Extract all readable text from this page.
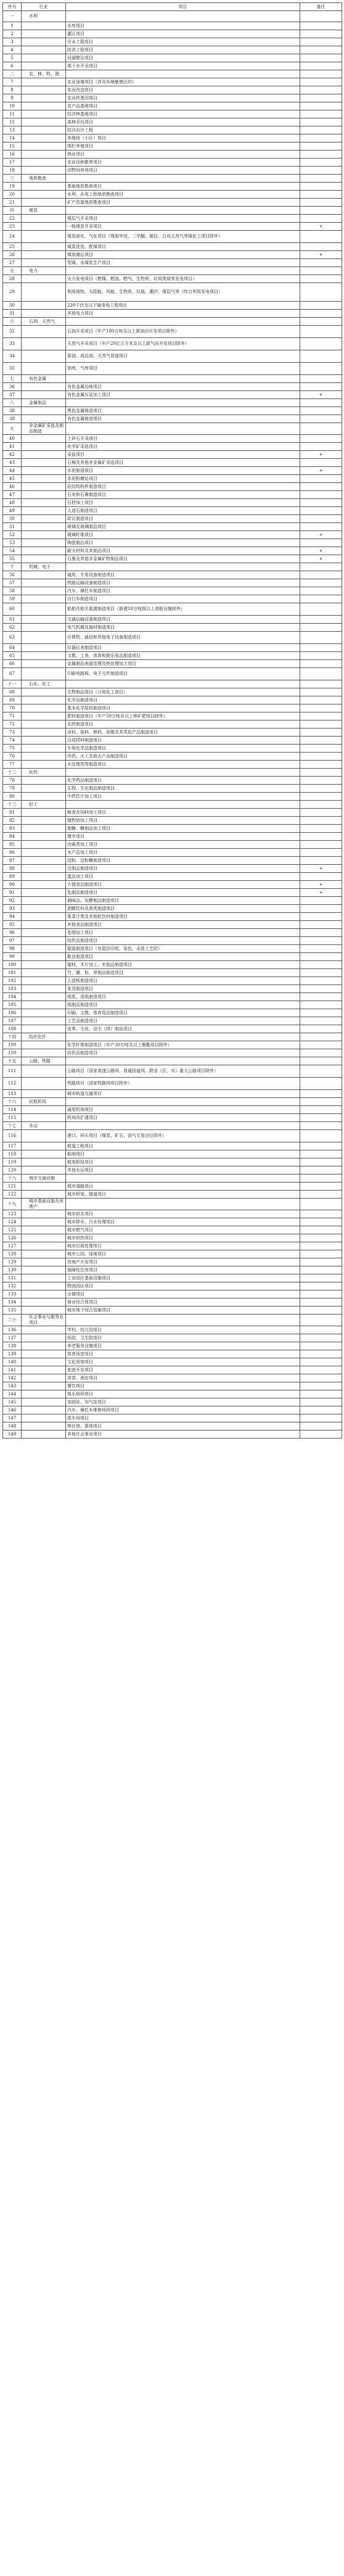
序号	行业	项目	备注
一	水利		
1		水库项目	
2		灌区项目	
3		引水工程项目	
4		防洪工程项目	
5		河湖整治项目	
6		地下水开采项目	
二	农、林、牧、渔		
7		农业垦殖项目（涉及环境敏感区的）	
8		农田改造项目	
9		农业转基因项目	
10		农产品基地项目	
11		经济林基地项目	
12		森林采伐项目	
13		防沙治沙工程	
14		养殖场（小区）项目	
15		围栏养殖项目	
16		渔业项目	
17		农业良种繁育项目	
18		动物饲养场项目	
三	地质勘查		
19		基础地质勘查项目	
20		水利、水电工程地质勘查项目	
21		矿产资源地质勘查项目	
四	煤炭		
22		煤层气开采项目	
23		一般煤炭开采项目	+
24		煤炭液化、气化项目（煤制甲烷、二甲醚、烯烃、合成天然气等煤化工项目除外）	
25		煤炭洗选、配煤项目	
26		煤炭储运项目	+
27		型煤、水煤浆生产项目	
五	电力		
28		火力发电项目（燃煤、燃油、燃气、生物质、垃圾焚烧等发电项目）	
29		利用地热、太阳能、风能、生物质、垃圾、潮汐、煤层气等（综合利用发电项目）	
30		220千伏及以下输变电工程项目	
31		其他电力项目	
六	石油、天然气		
32		石油开采项目（年产100万吨及以上新油田开发项目除外）	
33		天然气开采项目（年产20亿立方米及以上新气田开发项目除外）	
34		原油、成品油、天然气管道项目	
35		油库、气库项目	
七	有色金属		
36		有色金属冶炼项目	
37		有色金属压延加工项目	+
八	金属制品		
38		黑色金属铸造项目	
39		有色金属铸造项目	
九	非金属矿采选及制品制造		
40		土砂石开采项目	
41		化学矿采选项目	
42		采盐项目	+
43		石棉及其他非金属矿采选项目	
44		水泥制造项目	+
45		水泥粉磨站项目	
46		砼结构构件制造项目	
47		石灰和石膏制造项目	
48		石材加工项目	
49		人造石制造项目	
50		砖瓦制造项目	
51		玻璃及玻璃制品项目	
52		玻璃纤维项目	+
53		陶瓷制品项目	
54		耐火材料及其制品项目	+
55		石墨及其他非金属矿物制品项目	+
十	机械、电子		
56		通用、专用设备制造项目	
57		铁路运输设备制造项目	
58		汽车、摩托车制造项目	
59		自行车制造项目	
60		船舶及相关装置制造项目（新建10万吨级以上造船设施除外）	
61		交通运输设备制造项目	
62		电气机械及器材制造项目	
63		计算机、通信和其他电子设备制造项目	
64		仪器仪表制造项目	
65		文教、工美、体育和娱乐用品制造项目	
66		金属制品表面处理及热处理加工项目	
67		印刷电路板、电子元件制造项目	
十一	石化、化工		
68		生物制品项目（日用化工项目）	
69		化学品制造项目	
70		基本化学原料制造项目	
71		肥料制造项目（年产50万吨及以上钾矿肥项目除外）	
72		农药制造项目	
73		涂料、染料、颜料、油墨及其类似产品制造项目	
74		合成材料制造项目	
75		专用化学品制造项目	
76		炸药、火工及焰火产品制造项目	
77		水处理剂等制造项目	
十二	医药		
78		化学药品制造项目	
79		生物、生化制品制造项目	
80		中药饮片加工项目	
十三	轻工		
81		粮食及饲料加工项目	
82		植物油加工项目	
83		制糖、糖制品加工项目	
84		屠宰项目	
85		肉禽类加工项目	
86		水产品加工项目	
87		淀粉、淀粉糖制造项目	
88		豆制品制造项目	+
89		蛋品加工项目	
90		方便食品制造项目	+
91		乳制品制造项目	+
92		调味品、发酵制品制造项目	
93		酒精饮料及酒类制造项目	
94		果菜汁类及其他软饮料制造项目	
95		其他食品制造项目	
96		卷烟加工项目	
97		纺织品制造项目	
98		服装制造项目（有湿法印花、染色、水洗工艺的）	
99		鞋业制造项目	
100		锯材、木片加工、木制品制造项目	
101		竹、藤、棕、草制品制造项目	
102		人造板制造项目	
103		家具制造项目	
104		纸浆、造纸制造项目	
105		纸制品制造项目	
106		印刷、文教、体育用品制造项目	
107		工艺品制造项目	
108		皮革、毛皮、羽毛（绒）制品项目	
十四	纺织化纤		
109		化学纤维制造项目（年产30万吨及以上聚酯项目除外）	
110		纺织品制造项目	
十五	公路、铁路		
111		公路项目（国家高速公路网、普通国道网、跨省（区、市）重大公路项目除外）	
112		铁路项目（国家铁路网项目除外）	
113		城市轨道交通项目	
十六	民航机场		
114		通用机场项目	
115		机场改扩建项目	
十七	水运		
116		港口、码头项目（煤炭、矿石、油气专用泊位除外）	
117		航道工程项目	
118		船闸项目	
119		航电枢纽项目	
120		其他水运项目	
十八	城市交通设施		
121		城市道路项目	
122		城市桥梁、隧道项目	
十九	城市基础设施及房地产		
123		城市供水项目	
124		城市排水、污水处理项目	
125		城市燃气项目	
126		城市供热项目	
127		城市垃圾处理项目	
128		城市公园、绿地项目	
129		房地产开发项目	
130		保障性住房项目	
131		工业园区基础设施项目	
132		物流园区项目	
133		仓储项目	
134		商业综合体项目	
135		城市地下综合管廊项目	
二十	社会事业与服务业项目		
136		学校、幼儿园项目	
137		医院、卫生院项目	
138		养老服务设施项目	
139		体育场馆项目	
140		文化场馆项目	
141		旅游开发项目	
142		宾馆、酒店项目	
143		餐饮项目	
144		娱乐场所项目	
145		加油站、加气站项目	
146		汽车、摩托车维修场所项目	
147		洗车场项目	
148		殡仪馆、墓地项目	
149		其他社会事业项目	
